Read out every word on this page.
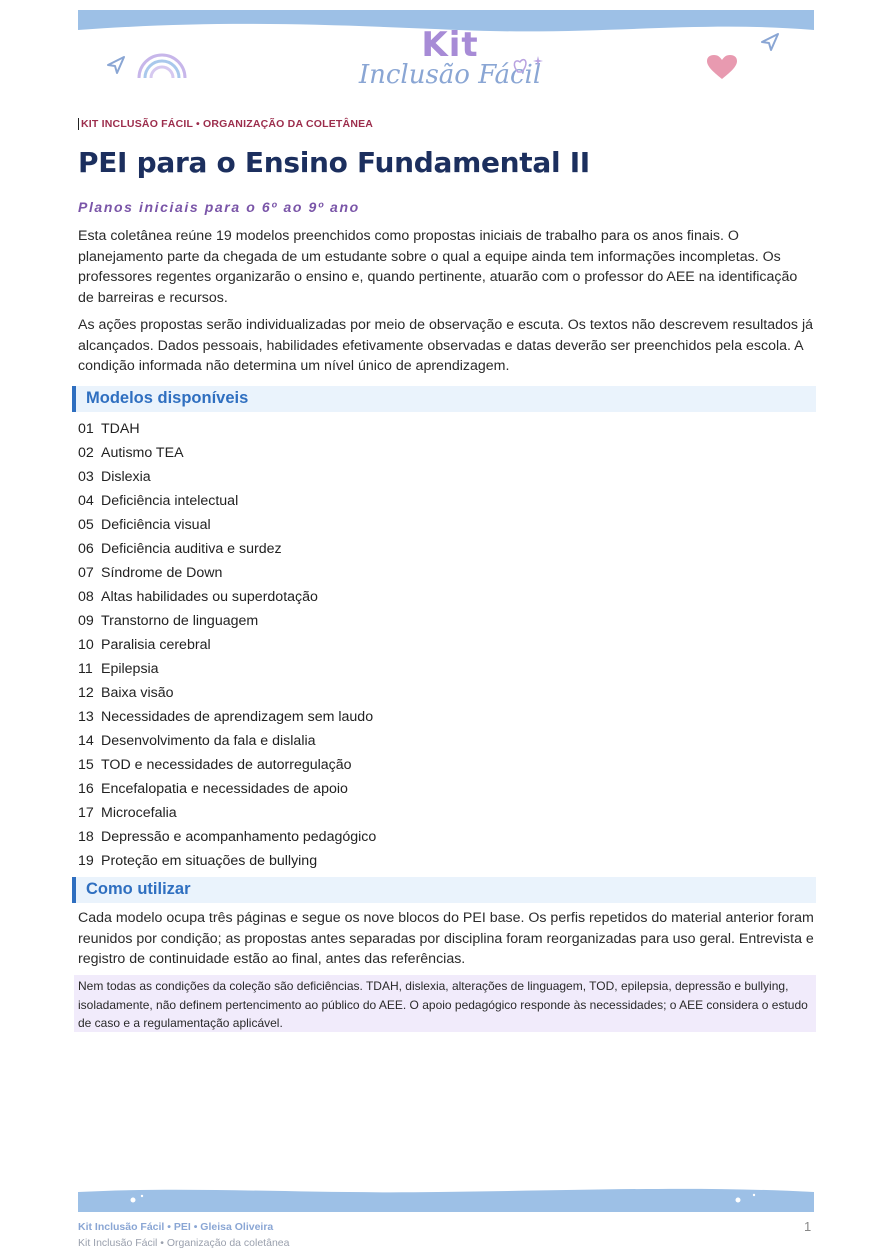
Kit
Inclusão Fácil
KIT INCLUSÃO FÁCIL • ORGANIZAÇÃO DA COLETÂNEA
PEI para o Ensino Fundamental II
Planos iniciais para o 6º ao 9º ano

Esta coletânea reúne 19 modelos preenchidos como propostas iniciais de trabalho para os anos finais. O planejamento parte da chegada de um estudante sobre o qual a equipe ainda tem informações incompletas. Os professores regentes organizarão o ensino e, quando pertinente, atuarão com o professor do AEE na identificação de barreiras e recursos.

As ações propostas serão individualizadas por meio de observação e escuta. Os textos não descrevem resultados já alcançados. Dados pessoais, habilidades efetivamente observadas e datas deverão ser preenchidos pela escola. A condição informada não determina um nível único de aprendizagem.

Modelos disponíveis
01 TDAH
02 Autismo TEA
03 Dislexia
04 Deficiência intelectual
05 Deficiência visual
06 Deficiência auditiva e surdez
07 Síndrome de Down
08 Altas habilidades ou superdotação
09 Transtorno de linguagem
10 Paralisia cerebral
11 Epilepsia
12 Baixa visão
13 Necessidades de aprendizagem sem laudo
14 Desenvolvimento da fala e dislalia
15 TOD e necessidades de autorregulação
16 Encefalopatia e necessidades de apoio
17 Microcefalia
18 Depressão e acompanhamento pedagógico
19 Proteção em situações de bullying
Como utilizar

Cada modelo ocupa três páginas e segue os nove blocos do PEI base. Os perfis repetidos do material anterior foram reunidos por condição; as propostas antes separadas por disciplina foram reorganizadas para uso geral. Entrevista e registro de continuidade estão ao final, antes das referências.

Nem todas as condições da coleção são deficiências. TDAH, dislexia, alterações de linguagem, TOD, epilepsia, depressão e bullying, isoladamente, não definem pertencimento ao público do AEE. O apoio pedagógico responde às necessidades; o AEE considera o estudo de caso e a regulamentação aplicável.
Kit Inclusão Fácil • PEI • Gleisa Oliveira
Kit Inclusão Fácil • Organização da coletânea
1
